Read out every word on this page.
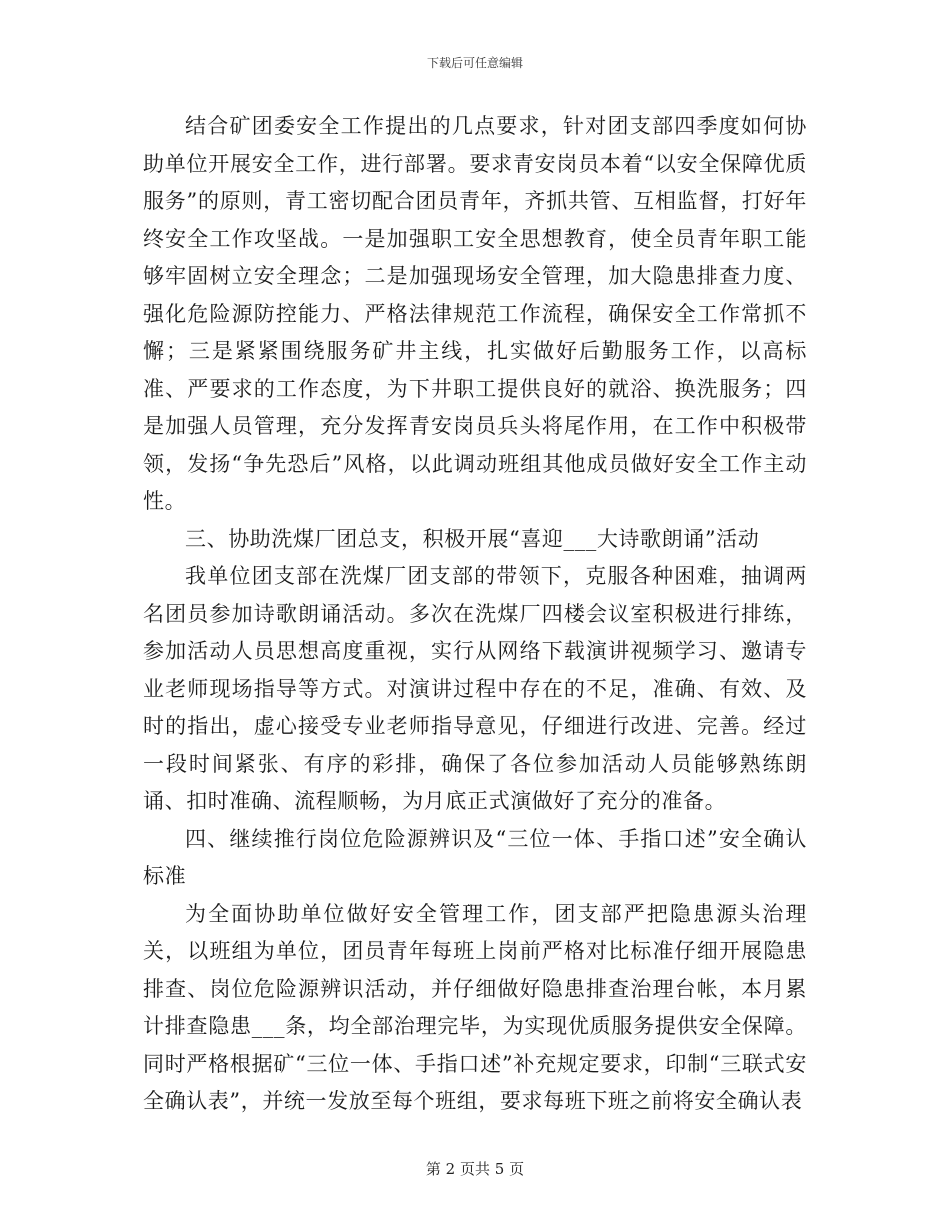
下载后可任意编辑

结合矿团委安全工作提出的几点要求，针对团支部四季度如何协助单位开展安全工作，进行部署。要求青安岗员本着“以安全保障优质服务”的原则，青工密切配合团员青年，齐抓共管、互相监督，打好年终安全工作攻坚战。一是加强职工安全思想教育，使全员青年职工能够牢固树立安全理念；二是加强现场安全管理，加大隐患排查力度、强化危险源防控能力、严格法律规范工作流程，确保安全工作常抓不懈；三是紧紧围绕服务矿井主线，扎实做好后勤服务工作，以高标准、严要求的工作态度，为下井职工提供良好的就浴、换洗服务；四是加强人员管理，充分发挥青安岗员兵头将尾作用，在工作中积极带领，发扬“争先恐后”风格，以此调动班组其他成员做好安全工作主动性。

三、协助洗煤厂团总支，积极开展“喜迎___大诗歌朗诵”活动

我单位团支部在洗煤厂团支部的带领下，克服各种困难，抽调两名团员参加诗歌朗诵活动。多次在洗煤厂四楼会议室积极进行排练，参加活动人员思想高度重视，实行从网络下载演讲视频学习、邀请专业老师现场指导等方式。对演讲过程中存在的不足，准确、有效、及时的指出，虚心接受专业老师指导意见，仔细进行改进、完善。经过一段时间紧张、有序的彩排，确保了各位参加活动人员能够熟练朗诵、扣时准确、流程顺畅，为月底正式演做好了充分的准备。

四、继续推行岗位危险源辨识及“三位一体、手指口述”安全确认标准

为全面协助单位做好安全管理工作，团支部严把隐患源头治理关，以班组为单位，团员青年每班上岗前严格对比标准仔细开展隐患排查、岗位危险源辨识活动，并仔细做好隐患排查治理台帐，本月累计排查隐患___条，均全部治理完毕，为实现优质服务提供安全保障。同时严格根据矿“三位一体、手指口述”补充规定要求，印制“三联式安全确认表”，并统一发放至每个班组，要求每班下班之前将安全确认表

第 2 页共 5 页
